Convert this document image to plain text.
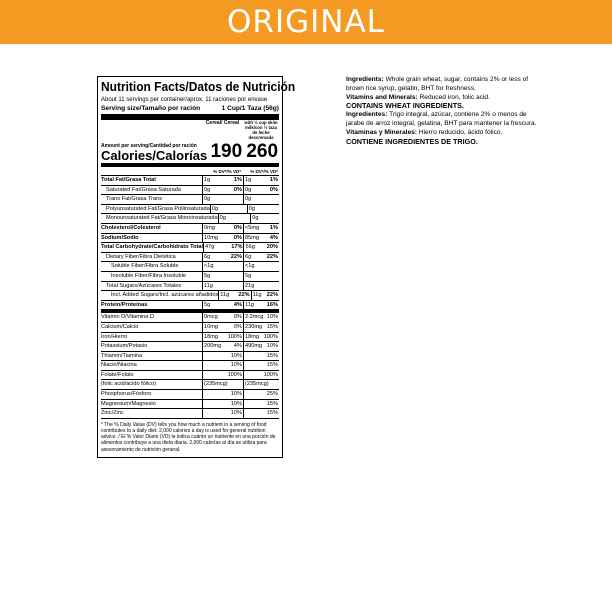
ORIGINAL
Nutrition Facts/Datos de Nutrición
About 11 servings per container/aprox. 11 raciones por envase
Serving size/Tamaño por ración	1 Cup/1 Taza (56g)
Cereal/ Cereal	with ½ cup skim milk/con ½ taza de leche descremada
Amount per serving/Cantidad por ración
Calories/Calorías 190 260
% DV*/% VD*	% DV*/% VD*
Total Fat/Grasa Total	1g	1% 1g	1%
Saturated Fat/Grasa Saturada	0g	0% 0g	0%
Trans Fat/Grasa Trans	0g	0g
Polyunsaturated Fat/Grasa Poliinsaturada 0g	0g
Monounsaturated Fat/Grasa Monoinsaturada 0g	0g
Cholesterol/Colesterol	0mg	0% <5mg 1%
Sodium/Sodio	10mg	0% 85mg 4%
Total Carbohydrate/Carbohidrato Total 47g	17% 56g 20%
Dietary Fiber/Fibra Dietética	6g	22% 6g	22%
Soluble Fiber/Fibra Soluble	<1g	<1g
Insoluble Fiber/Fibra Insoluble	5g	5g
Total Sugars/Azúcares Totales	11g	21g
Incl. Added Sugars/Incl. azúcares añadidos 11g 22% 11g 22%
Protein/Proteínas	5g	4% 11g 16%
Vitamin D/Vitamina D	0mcg	0% 2.2mcg 10%
Calcium/Calcio	10mg	0% 230mg 15%
Iron/Hierro	18mg 100% 18mg 100%
Potassium/Potasio	200mg 4% 490mg 10%
Thiamin/Tiamina	10%	15%
Niacin/Niacina	10%	15%
Folate/Folato	100%	100%
(folic acid/ácido fólico)	(235mcg)	(235mcg)
Phosphorus/Fósforo	10%	25%
Magnesium/Magnesio	10%	15%
Zinc/Zinc	10%	15%
* The % Daily Value (DV) tells you how much a nutrient in a serving of food contributes to a daily diet. 2,000 calories a day is used for general nutrition advice. / El % Valor Diario (VD) le indica cuánto un nutriente en una porción de alimentos contribuye a una dieta diaria. 2,000 calorías al día se utiliza para asesoramiento de nutrición general.
Ingredients: Whole grain wheat, sugar, contains 2% or less of brown rice syrup, gelatin, BHT for freshness.
Vitamins and Minerals: Reduced iron, folic acid.
CONTAINS WHEAT INGREDIENTS.
Ingredientes: Trigo integral, azúcar, contiene 2% o menos de jarabe de arroz integral, gelatina, BHT para mantener la frescura.
Vitaminas y Minerales: Hierro reducido, ácido fólico.
CONTIENE INGREDIENTES DE TRIGO.
